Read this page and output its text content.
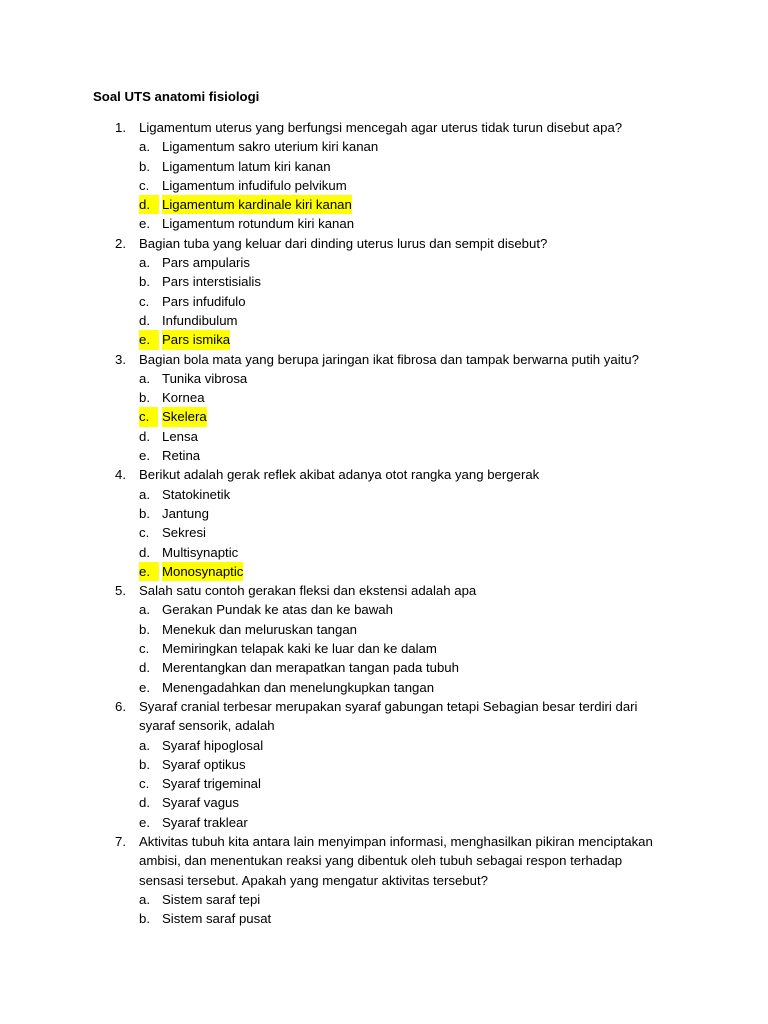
Soal UTS anatomi fisiologi
1. Ligamentum uterus yang berfungsi mencegah agar uterus tidak turun disebut apa?
a. Ligamentum sakro uterium kiri kanan
b. Ligamentum latum kiri kanan
c. Ligamentum infudifulo pelvikum
d. Ligamentum kardinale kiri kanan
e. Ligamentum rotundum kiri kanan
2. Bagian tuba yang keluar dari dinding uterus lurus dan sempit disebut?
a. Pars ampularis
b. Pars interstisialis
c. Pars infudifulo
d. Infundibulum
e. Pars ismika
3. Bagian bola mata yang berupa jaringan ikat fibrosa dan tampak berwarna putih yaitu?
a. Tunika vibrosa
b. Kornea
c. Skelera
d. Lensa
e. Retina
4. Berikut adalah gerak reflek akibat adanya otot rangka yang bergerak
a. Statokinetik
b. Jantung
c. Sekresi
d. Multisynaptic
e. Monosynaptic
5. Salah satu contoh gerakan fleksi dan ekstensi adalah apa
a. Gerakan Pundak ke atas dan ke bawah
b. Menekuk dan meluruskan tangan
c. Memiringkan telapak kaki ke luar dan ke dalam
d. Merentangkan dan merapatkan tangan pada tubuh
e. Menengadahkan dan menelungkupkan tangan
6. Syaraf cranial terbesar merupakan syaraf gabungan tetapi Sebagian besar terdiri dari syaraf sensorik, adalah
a. Syaraf hipoglosal
b. Syaraf optikus
c. Syaraf trigeminal
d. Syaraf vagus
e. Syaraf traklear
7. Aktivitas tubuh kita antara lain menyimpan informasi, menghasilkan pikiran menciptakan ambisi, dan menentukan reaksi yang dibentuk oleh tubuh sebagai respon terhadap sensasi tersebut. Apakah yang mengatur aktivitas tersebut?
a. Sistem saraf tepi
b. Sistem saraf pusat
